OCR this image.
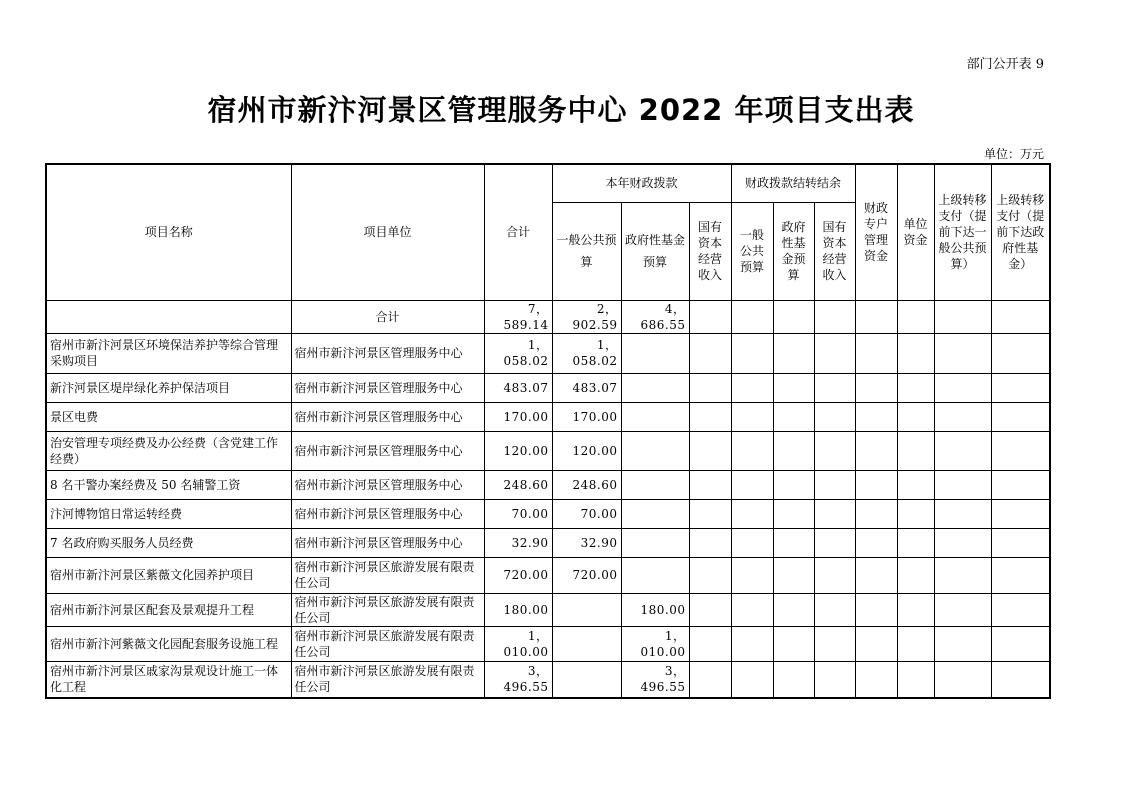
部门公开表 9
宿州市新汴河景区管理服务中心 2022 年项目支出表
单位：万元
项目名称	项目单位	合计	本年财政拨款			财政拨款结转结余			财政专户管理资金	单位资金	上级转移支付（提前下达一般公共预算）	上级转移支付（提前下达政府性基金）
			一般公共预算	政府性基金预算	国有资本经营收入	一般公共预算	政府性基金预算	国有资本经营收入				
	合计	7，589.14	2，902.59	4，686.55								
宿州市新汴河景区环境保洁养护等综合管理采购项目	宿州市新汴河景区管理服务中心	1，058.02	1，058.02									
新汴河景区堤岸绿化养护保洁项目	宿州市新汴河景区管理服务中心	483.07	483.07									
景区电费	宿州市新汴河景区管理服务中心	170.00	170.00									
治安管理专项经费及办公经费（含党建工作经费）	宿州市新汴河景区管理服务中心	120.00	120.00									
8 名干警办案经费及 50 名辅警工资	宿州市新汴河景区管理服务中心	248.60	248.60									
汴河博物馆日常运转经费	宿州市新汴河景区管理服务中心	70.00	70.00									
7 名政府购买服务人员经费	宿州市新汴河景区管理服务中心	32.90	32.90									
宿州市新汴河景区紫薇文化园养护项目	宿州市新汴河景区旅游发展有限责任公司	720.00	720.00									
宿州市新汴河景区配套及景观提升工程	宿州市新汴河景区旅游发展有限责任公司	180.00		180.00								
宿州市新汴河紫薇文化园配套服务设施工程	宿州市新汴河景区旅游发展有限责任公司	1，010.00		1，010.00								
宿州市新汴河景区戚家沟景观设计施工一体化工程	宿州市新汴河景区旅游发展有限责任公司	3，496.55		3，496.55								
